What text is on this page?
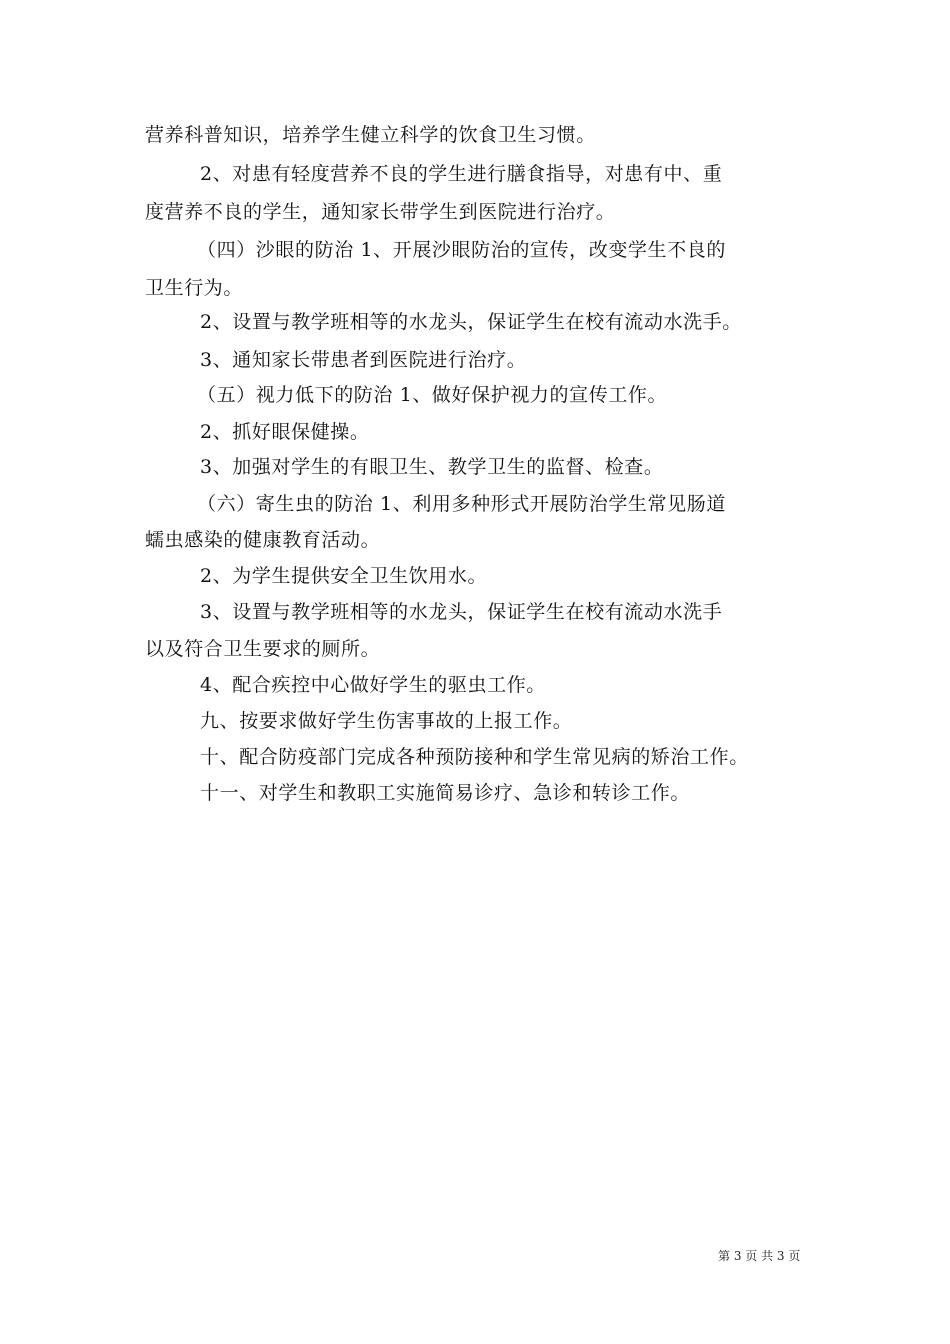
营养科普知识，培养学生健立科学的饮食卫生习惯。
2、对患有轻度营养不良的学生进行膳食指导，对患有中、重
度营养不良的学生，通知家长带学生到医院进行治疗。
（四）沙眼的防治 1、开展沙眼防治的宣传，改变学生不良的
卫生行为。
2、设置与教学班相等的水龙头，保证学生在校有流动水洗手。
3、通知家长带患者到医院进行治疗。
（五）视力低下的防治 1、做好保护视力的宣传工作。
2、抓好眼保健操。
3、加强对学生的有眼卫生、教学卫生的监督、检查。
（六）寄生虫的防治 1、利用多种形式开展防治学生常见肠道
蠕虫感染的健康教育活动。
2、为学生提供安全卫生饮用水。
3、设置与教学班相等的水龙头，保证学生在校有流动水洗手
以及符合卫生要求的厕所。
4、配合疾控中心做好学生的驱虫工作。
九、按要求做好学生伤害事故的上报工作。
十、配合防疫部门完成各种预防接种和学生常见病的矫治工作。
十一、对学生和教职工实施简易诊疗、急诊和转诊工作。
第 3 页 共 3 页
